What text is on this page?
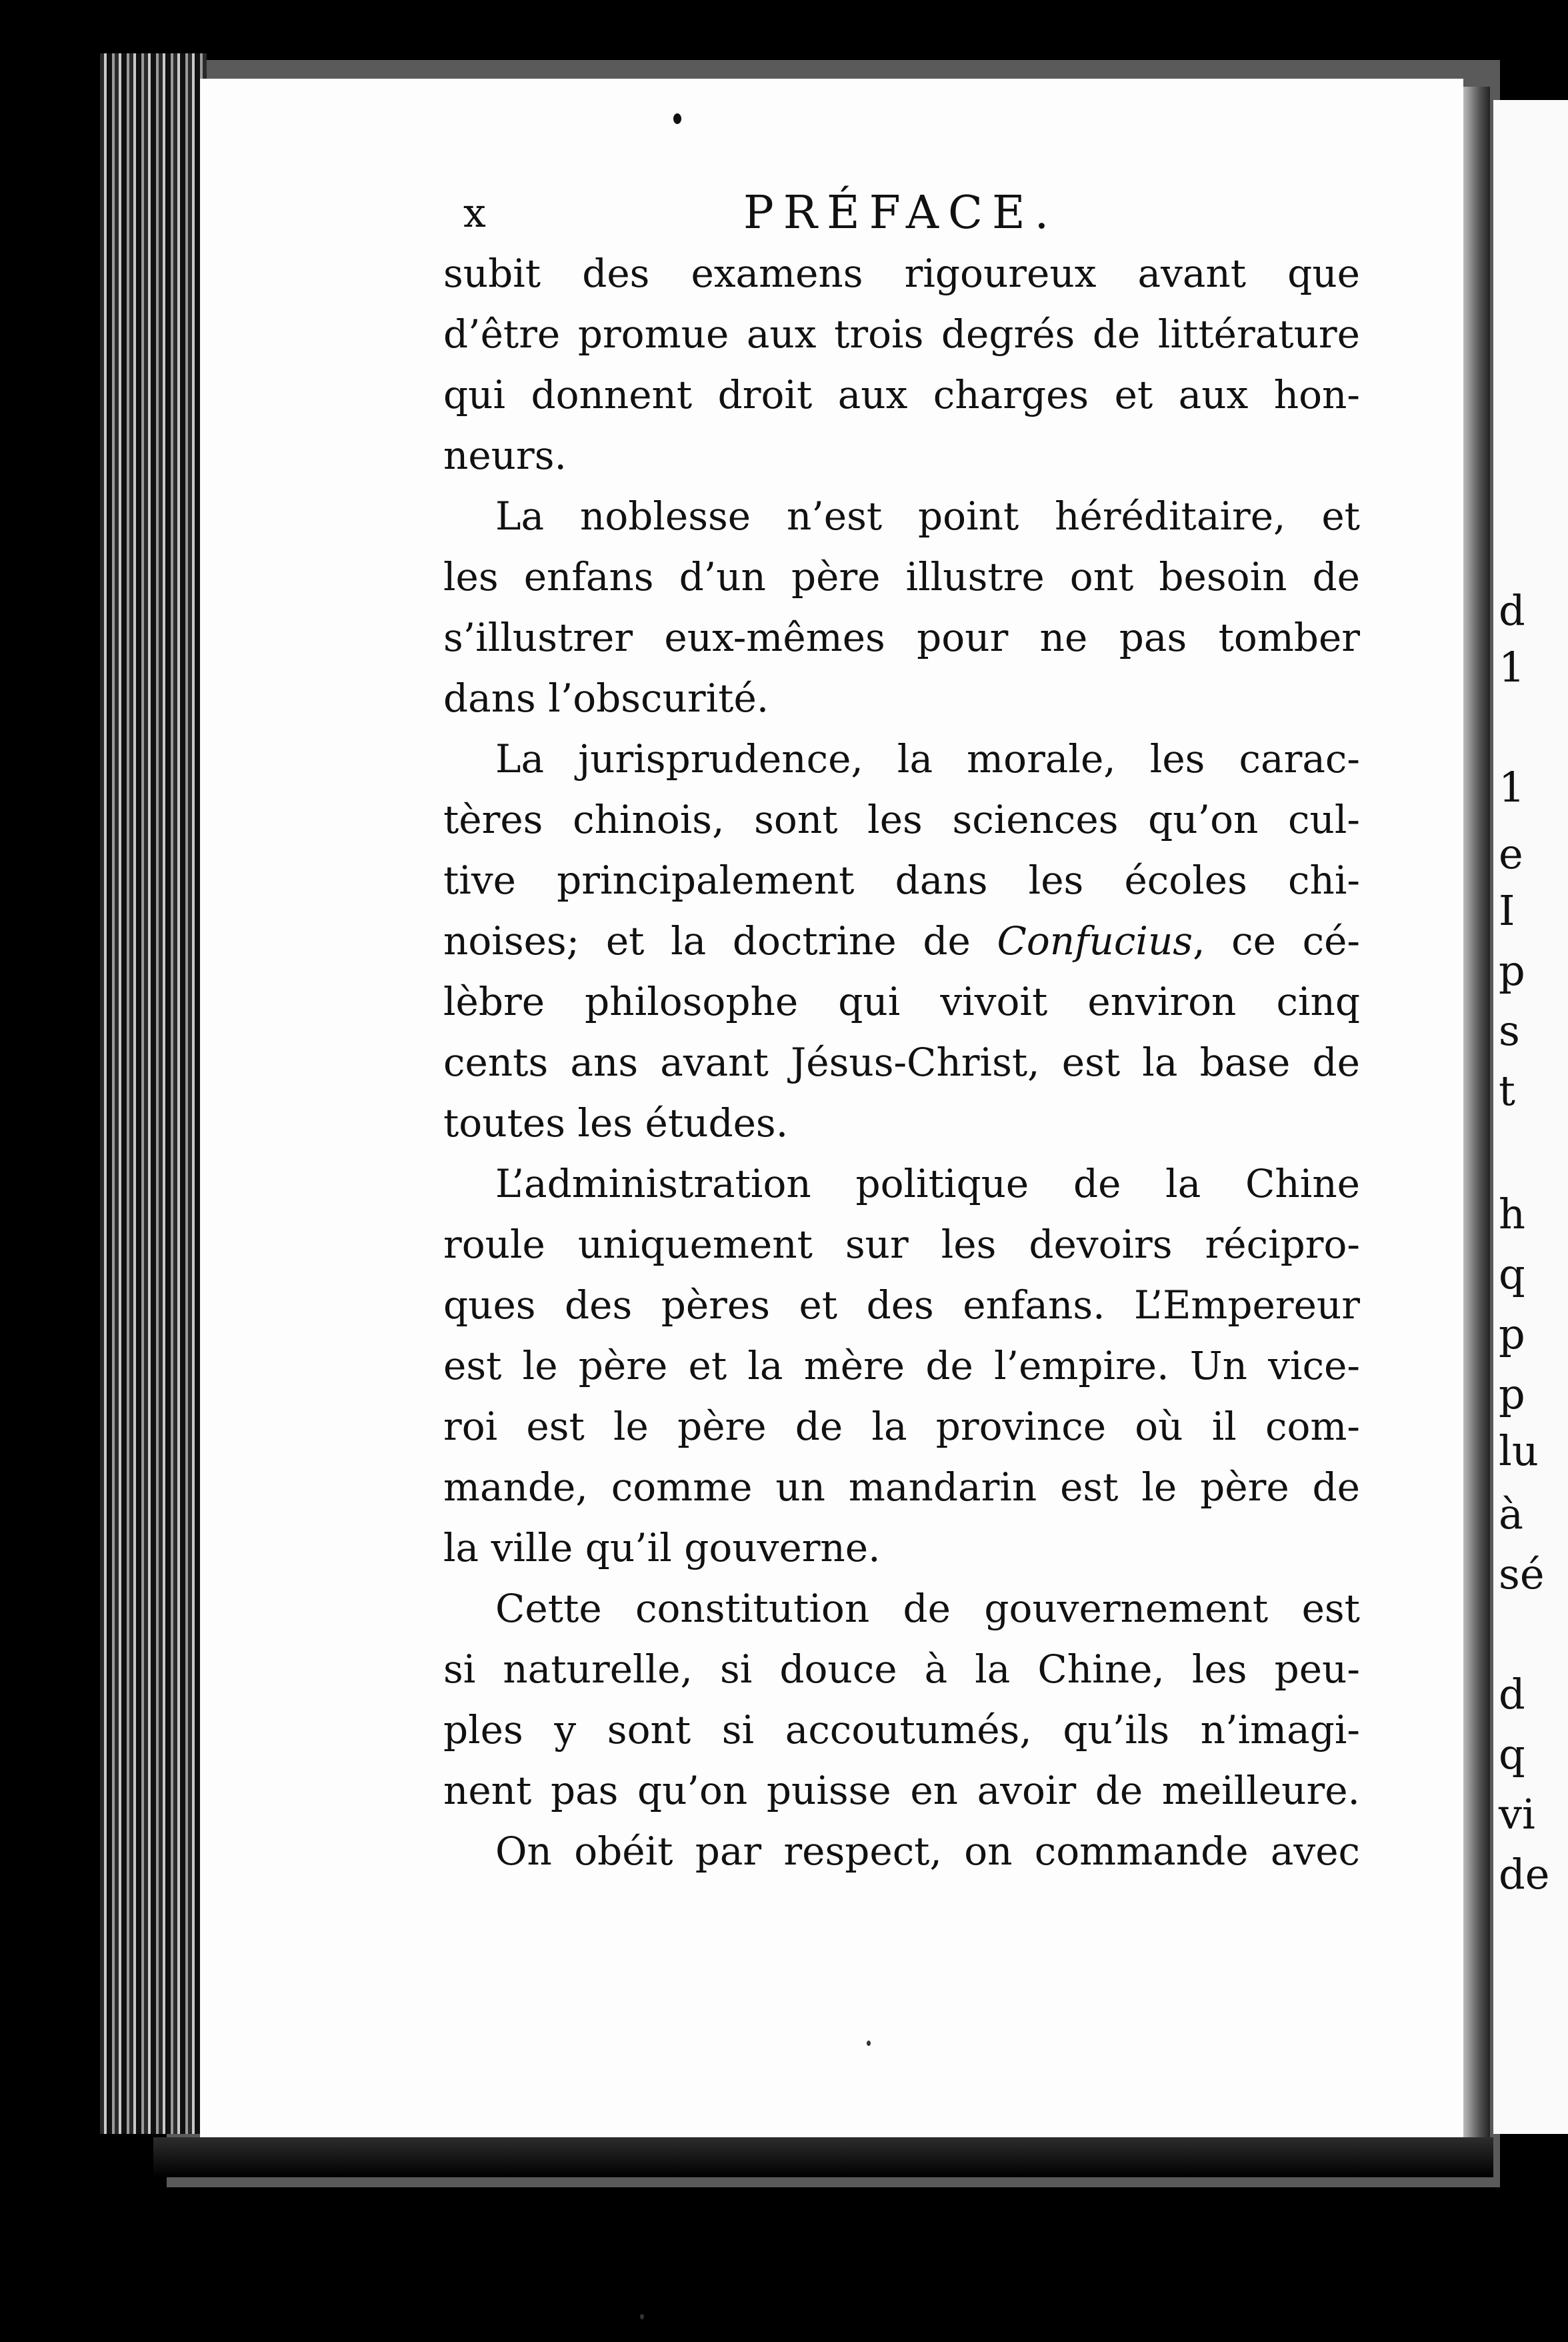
d
1
1
e
I
p
s
t
h
q
p
p
lu
à
sé
d
q
vi
de
x	PRÉFACE.

subit des examens rigoureux avant que
d’être promue aux trois degrés de littérature
qui donnent droit aux charges et aux hon-
neurs.

La noblesse n’est point héréditaire, et
les enfans d’un père illustre ont besoin de
s’illustrer eux-mêmes pour ne pas tomber
dans l’obscurité.

La jurisprudence, la morale, les carac-
tères chinois, sont les sciences qu’on cul-
tive principalement dans les écoles chi-
noises; et la doctrine de Confucius, ce cé-
lèbre philosophe qui vivoit environ cinq
cents ans avant Jésus-Christ, est la base de
toutes les études.

L’administration politique de la Chine
roule uniquement sur les devoirs récipro-
ques des pères et des enfans. L’Empereur
est le père et la mère de l’empire. Un vice-
roi est le père de la province où il com-
mande, comme un mandarin est le père de
la ville qu’il gouverne.

Cette constitution de gouvernement est
si naturelle, si douce à la Chine, les peu-
ples y sont si accoutumés, qu’ils n’imagi-
nent pas qu’on puisse en avoir de meilleure.

On obéit par respect, on commande avec
